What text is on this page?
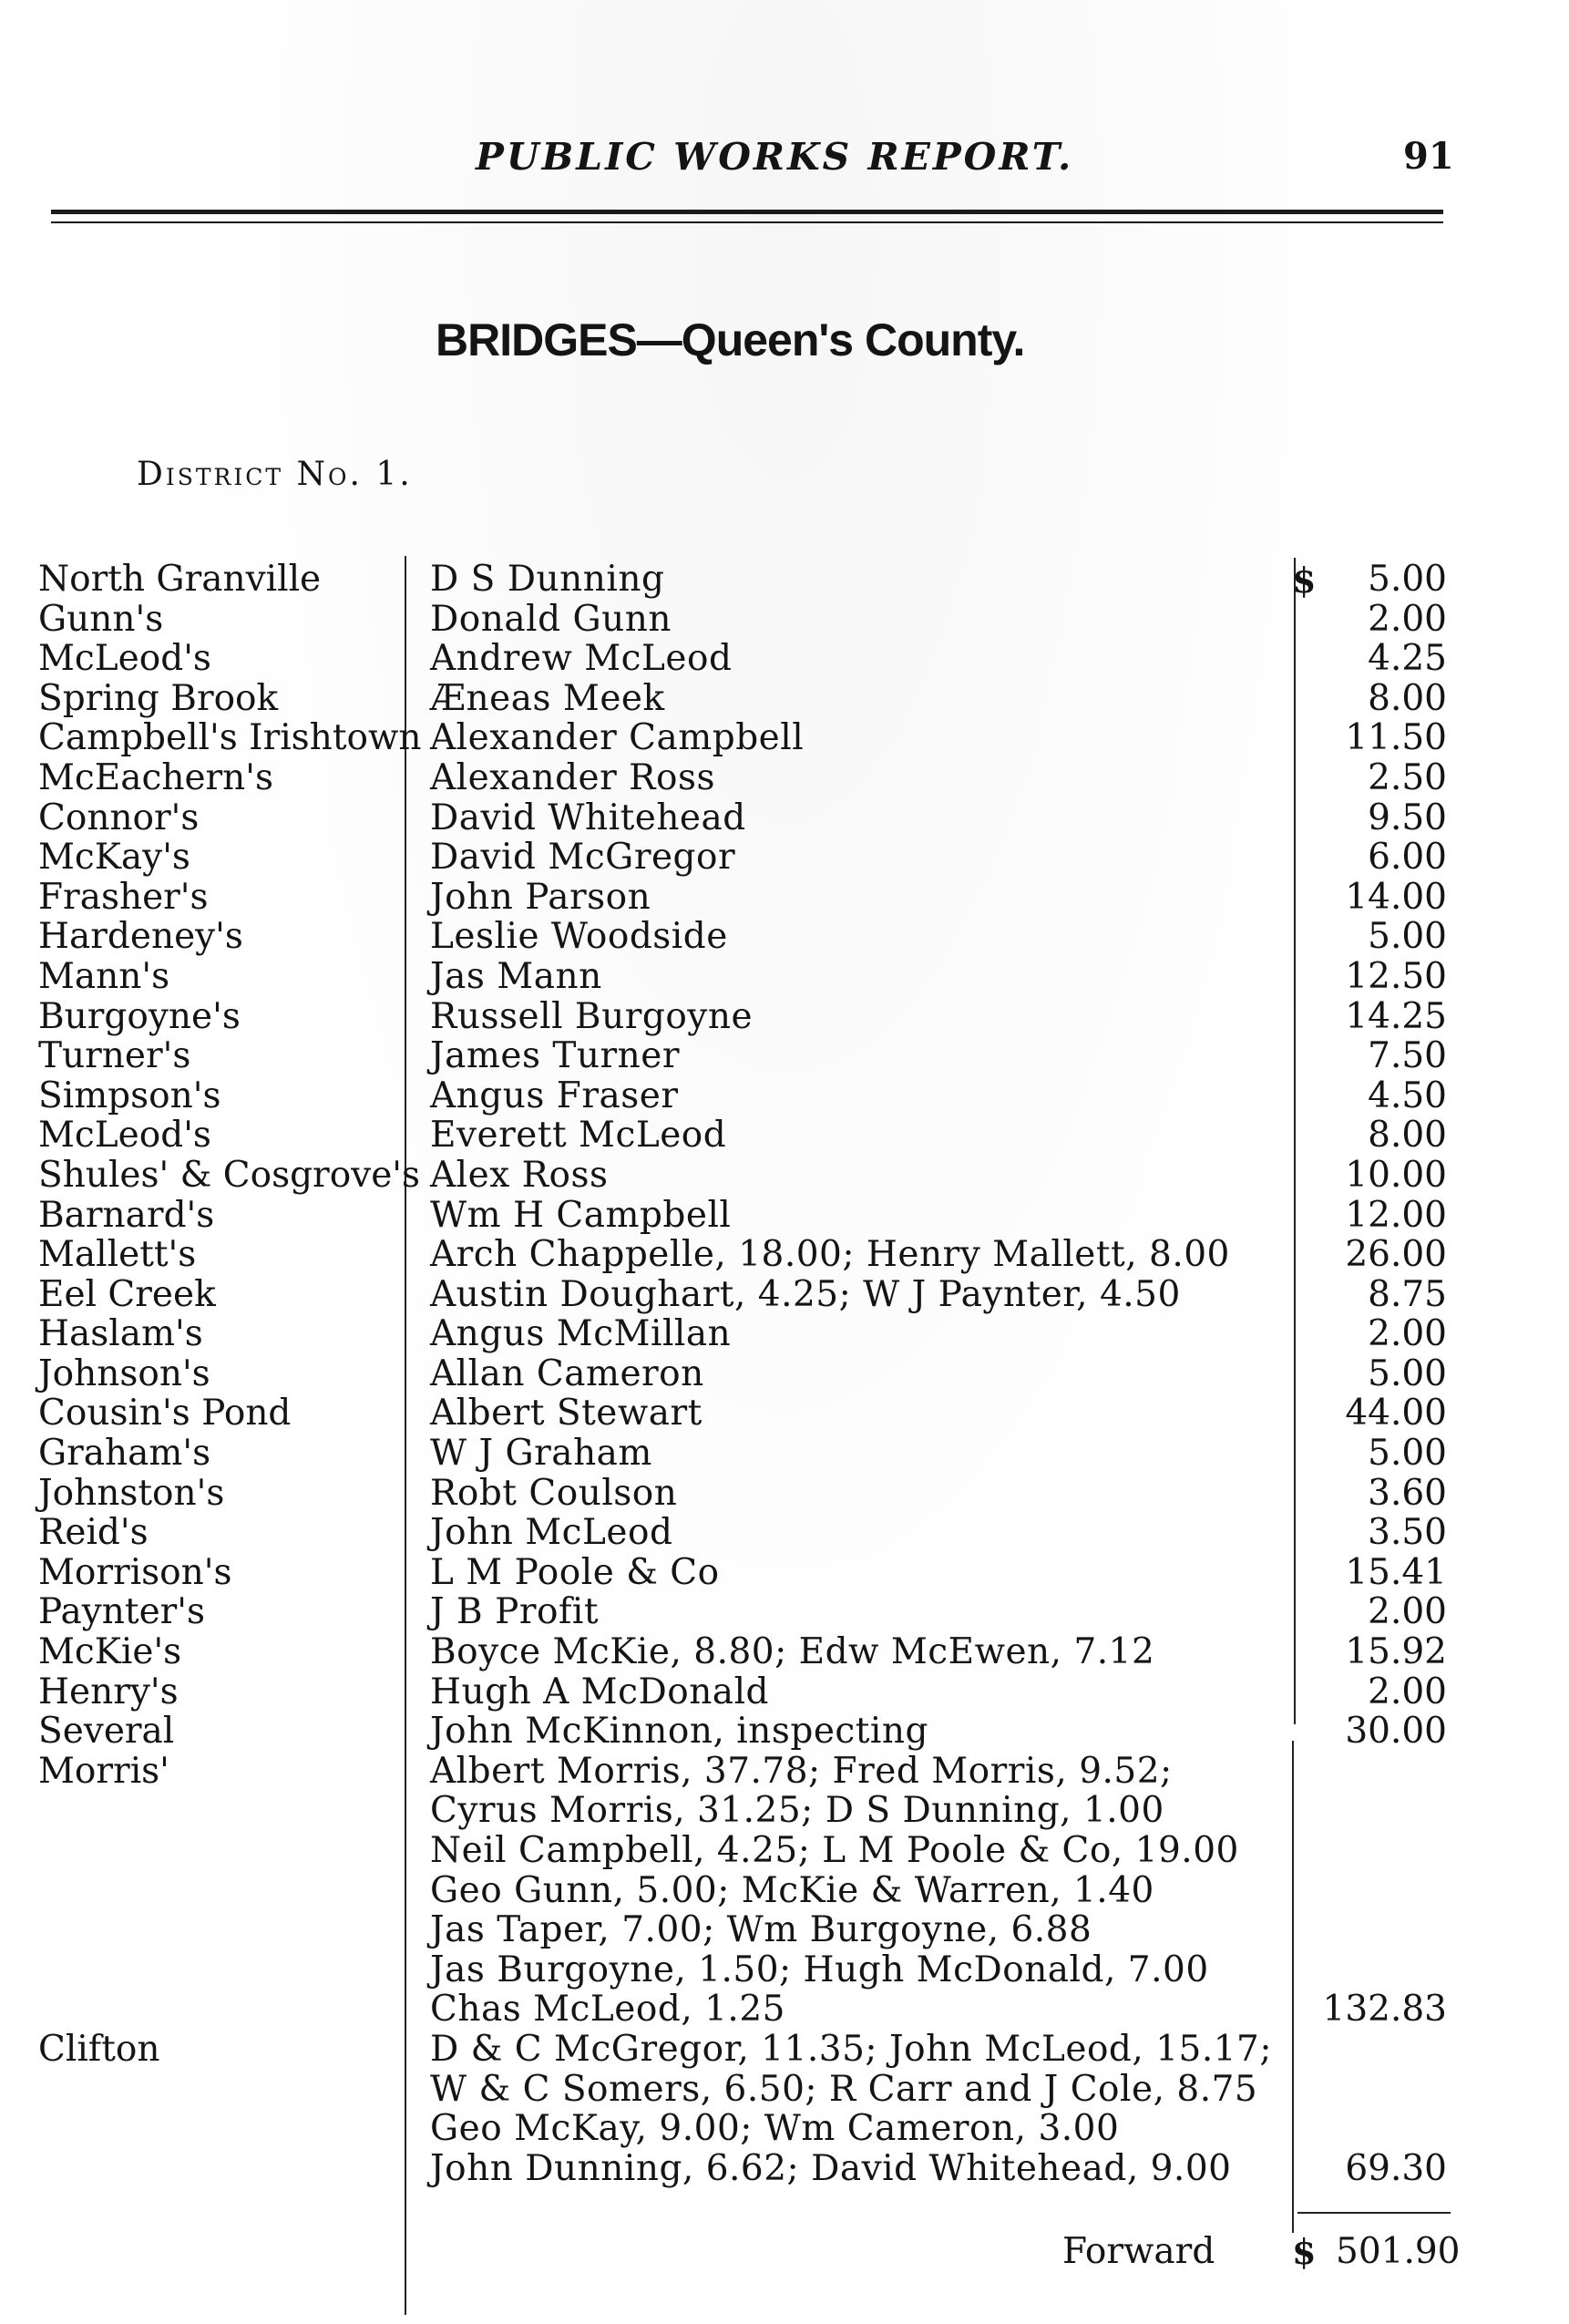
PUBLIC WORKS REPORT.	91
BRIDGES—Queen's County.
District No. 1.
$
North Granville	D S Dunning	5.00
Gunn's	Donald Gunn	2.00
McLeod's	Andrew McLeod	4.25
Spring Brook	Æneas Meek	8.00
Campbell's Irishtown Alexander Campbell	11.50
McEachern's	Alexander Ross	2.50
Connor's	David Whitehead	9.50
McKay's	David McGregor	6.00
Frasher's	John Parson	14.00
Hardeney's	Leslie Woodside	5.00
Mann's	Jas Mann	12.50
Burgoyne's	Russell Burgoyne	14.25
Turner's	James Turner	7.50
Simpson's	Angus Fraser	4.50
McLeod's	Everett McLeod	8.00
Shules' & Cosgrove's Alex Ross	10.00
Barnard's	Wm H Campbell	12.00
Mallett's	Arch Chappelle, 18.00; Henry Mallett, 8.00	26.00
Eel Creek	Austin Doughart, 4.25; W J Paynter, 4.50	8.75
Haslam's	Angus McMillan	2.00
Johnson's	Allan Cameron	5.00
Cousin's Pond	Albert Stewart	44.00
Graham's	W J Graham	5.00
Johnston's	Robt Coulson	3.60
Reid's	John McLeod	3.50
Morrison's	L M Poole & Co	15.41
Paynter's	J B Profit	2.00
McKie's	Boyce McKie, 8.80; Edw McEwen, 7.12	15.92
Henry's	Hugh A McDonald	2.00
Several	John McKinnon, inspecting	30.00
Morris'	Albert Morris, 37.78; Fred Morris, 9.52;
Cyrus Morris, 31.25; D S Dunning, 1.00
Neil Campbell, 4.25; L M Poole & Co, 19.00
Geo Gunn, 5.00; McKie & Warren, 1.40
Jas Taper, 7.00; Wm Burgoyne, 6.88
Jas Burgoyne, 1.50; Hugh McDonald, 7.00
Chas McLeod, 1.25	132.83
Clifton	D & C McGregor, 11.35; John McLeod, 15.17;
W & C Somers, 6.50; R Carr and J Cole, 8.75
Geo McKay, 9.00; Wm Cameron, 3.00
John Dunning, 6.62; David Whitehead, 9.00	69.30
$
Forward	501.90
